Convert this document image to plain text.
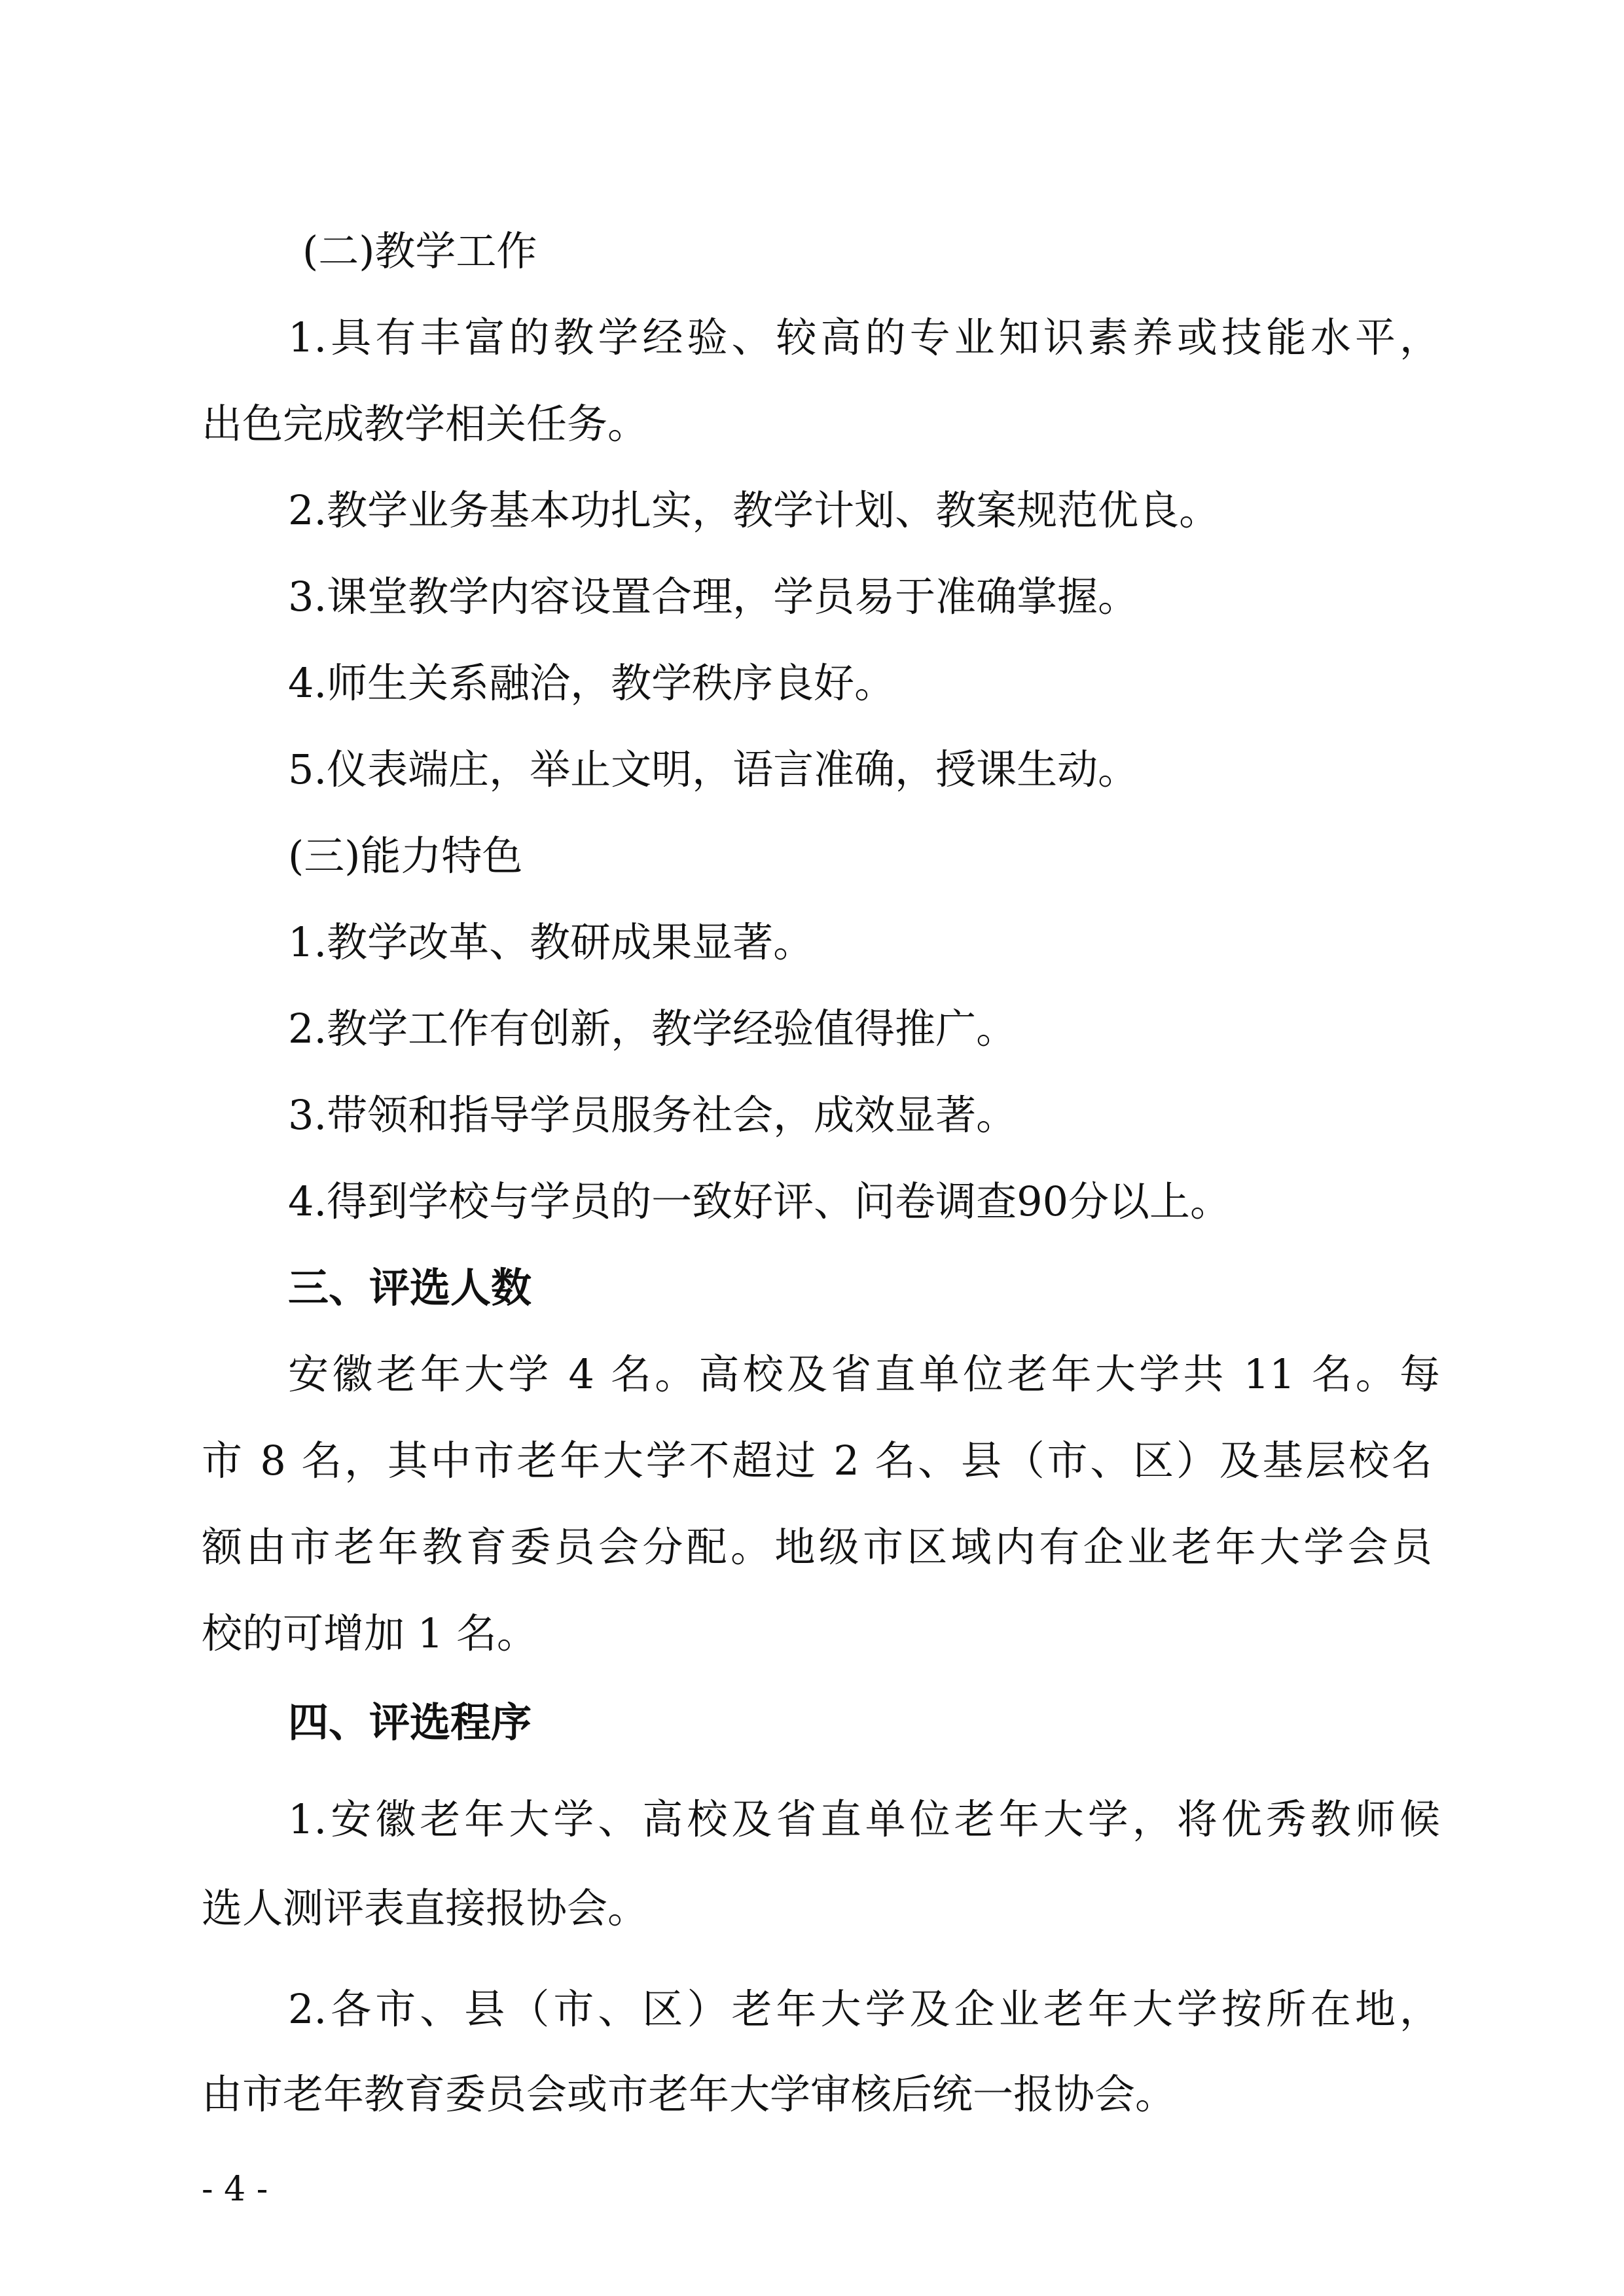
(二)教学工作

1.具有丰富的教学经验、较高的专业知识素养或技能水平，

出色完成教学相关任务。

2.教学业务基本功扎实，教学计划、教案规范优良。

3.课堂教学内容设置合理，学员易于准确掌握。

4.师生关系融洽，教学秩序良好。

5.仪表端庄，举止文明，语言准确，授课生动。

(三)能力特色

1.教学改革、教研成果显著。

2.教学工作有创新，教学经验值得推广。

3.带领和指导学员服务社会，成效显著。

4.得到学校与学员的一致好评、问卷调查90分以上。

三、评选人数

安徽老年大学 4 名。高校及省直单位老年大学共 11 名。每

市 8 名，其中市老年大学不超过 2 名、县（市、区）及基层校名

额由市老年教育委员会分配。地级市区域内有企业老年大学会员

校的可增加 1 名。

四、评选程序

1.安徽老年大学、高校及省直单位老年大学，将优秀教师候

选人测评表直接报协会。

2.各市、县（市、区）老年大学及企业老年大学按所在地，

由市老年教育委员会或市老年大学审核后统一报协会。

- 4 -
